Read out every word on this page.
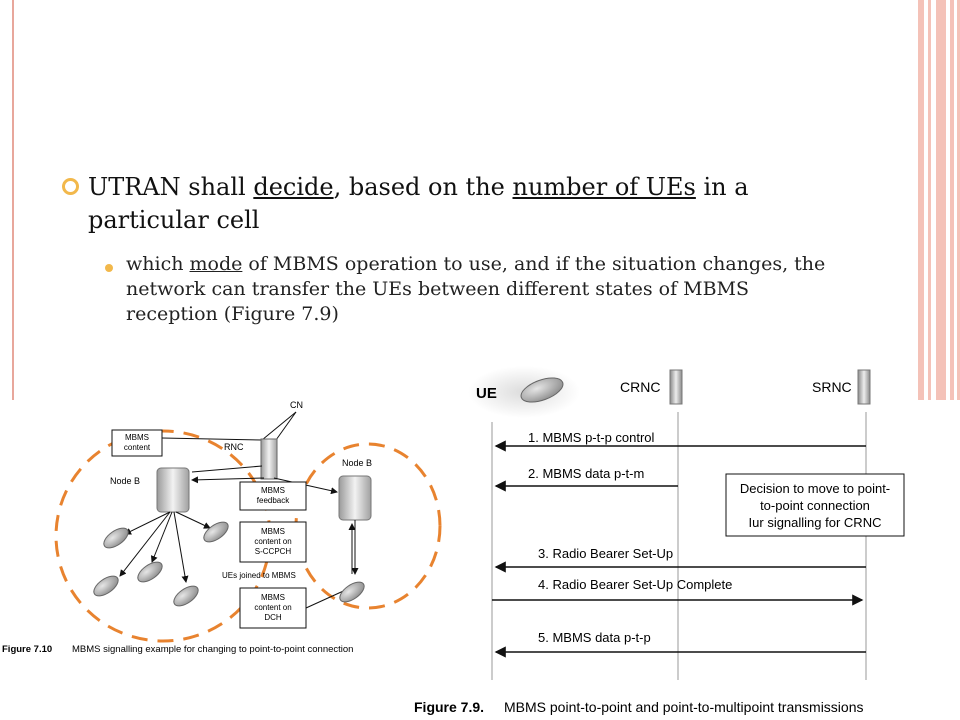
UTRAN shall decide, based on the number of UEs in a particular cell
which mode of MBMS operation to use, and if the situation changes, the network can transfer the UEs between different states of MBMS reception (Figure 7.9)
CN
MBMS
content	RNC
Node B
Node B
MBMS
feedback
MBMS
content on
S-CCPCH
UEs joined to MBMS
MBMS
content on
DCH
Figure 7.10 MBMS signalling example for changing to point-to-point connection
UE	CRNC	SRNC
1. MBMS p-t-p control
2. MBMS data p-t-m
Decision to move to point-
to-point connection
Iur signalling for CRNC
3. Radio Bearer Set-Up
4. Radio Bearer Set-Up Complete
5. MBMS data p-t-p
Figure 7.9. MBMS point-to-point and point-to-multipoint transmissions
